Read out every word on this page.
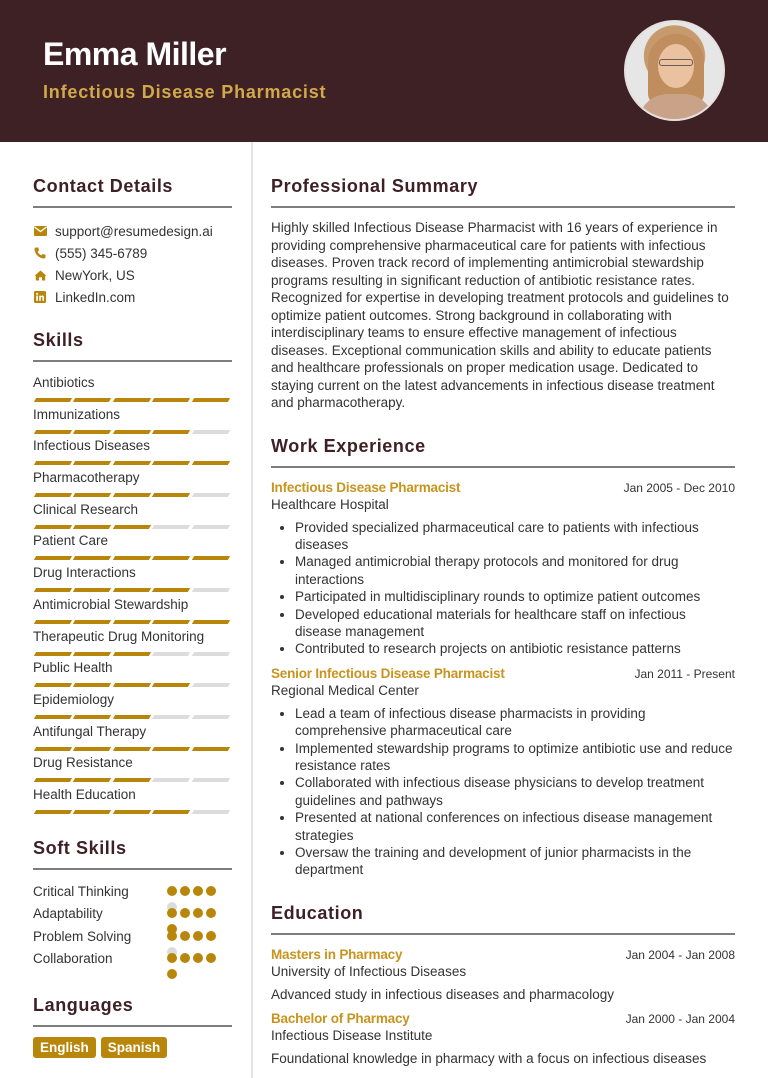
Emma Miller
Infectious Disease Pharmacist
Contact Details
support@resumedesign.ai
(555) 345-6789
NewYork, US
LinkedIn.com
Skills
Antibiotics
Immunizations
Infectious Diseases
Pharmacotherapy
Clinical Research
Patient Care
Drug Interactions
Antimicrobial Stewardship
Therapeutic Drug Monitoring
Public Health
Epidemiology
Antifungal Therapy
Drug Resistance
Health Education
Soft Skills
Critical Thinking
Adaptability
Problem Solving
Collaboration
Languages
English	Spanish
Professional Summary
Highly skilled Infectious Disease Pharmacist with 16 years of experience in providing comprehensive pharmaceutical care for patients with infectious diseases. Proven track record of implementing antimicrobial stewardship programs resulting in significant reduction of antibiotic resistance rates. Recognized for expertise in developing treatment protocols and guidelines to optimize patient outcomes. Strong background in collaborating with interdisciplinary teams to ensure effective management of infectious diseases. Exceptional communication skills and ability to educate patients and healthcare professionals on proper medication usage. Dedicated to staying current on the latest advancements in infectious disease treatment and pharmacotherapy.
Work Experience
Infectious Disease Pharmacist	Jan 2005 - Dec 2010
Healthcare Hospital
• Provided specialized pharmaceutical care to patients with infectious diseases
• Managed antimicrobial therapy protocols and monitored for drug interactions
• Participated in multidisciplinary rounds to optimize patient outcomes
• Developed educational materials for healthcare staff on infectious disease management
• Contributed to research projects on antibiotic resistance patterns
Senior Infectious Disease Pharmacist	Jan 2011 - Present
Regional Medical Center
• Lead a team of infectious disease pharmacists in providing comprehensive pharmaceutical care
• Implemented stewardship programs to optimize antibiotic use and reduce resistance rates
• Collaborated with infectious disease physicians to develop treatment guidelines and pathways
• Presented at national conferences on infectious disease management strategies
• Oversaw the training and development of junior pharmacists in the department
Education
Masters in Pharmacy	Jan 2004 - Jan 2008
University of Infectious Diseases
Advanced study in infectious diseases and pharmacology
Bachelor of Pharmacy	Jan 2000 - Jan 2004
Infectious Disease Institute
Foundational knowledge in pharmacy with a focus on infectious diseases
